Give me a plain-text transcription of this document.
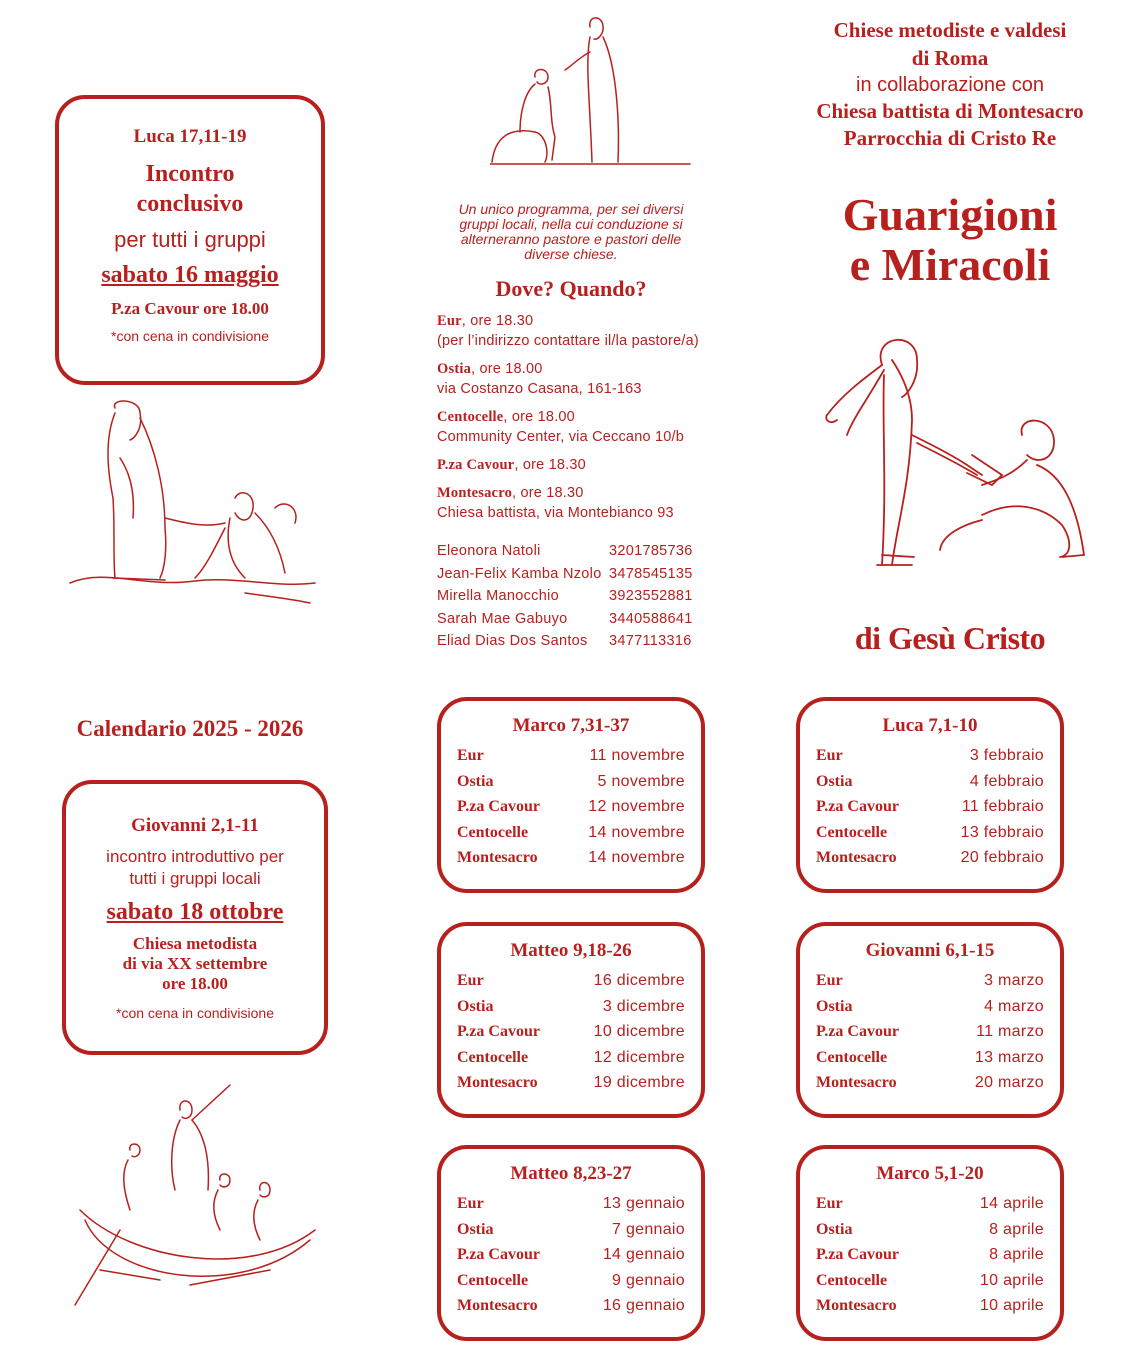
Chiese metodiste e valdesi
di Roma
in collaborazione con
Chiesa battista di Montesacro
Parrocchia di Cristo Re
Guarigioni
e Miracoli
di Gesù Cristo
Luca 17,11-19
Incontro
conclusivo
per tutti i gruppi
sabato 16 maggio
P.za Cavour ore 18.00
*con cena in condivisione
Un unico programma, per sei diversi gruppi locali, nella cui conduzione si alterneranno pastore e pastori delle diverse chiese.
Dove? Quando?
Eur, ore 18.30
(per l’indirizzo contattare il/la pastore/a)
Ostia, ore 18.00
via Costanzo Casana, 161-163
Centocelle, ore 18.00
Community Center, via Ceccano 10/b
P.za Cavour, ore 18.30
Montesacro, ore 18.30
Chiesa battista, via Montebianco 93
Eleonora Natoli	3201785736
Jean-Felix Kamba Nzolo 3478545135
Mirella Manocchio	3923552881
Sarah Mae Gabuyo	3440588641
Eliad Dias Dos Santos	3477113316
Calendario 2025 - 2026
Giovanni 2,1-11
incontro introduttivo per
tutti i gruppi locali
sabato 18 ottobre
Chiesa metodista
di via XX settembre
ore 18.00
*con cena in condivisione
Marco 7,31-37
Eur	11 novembre
Ostia	5 novembre
P.za Cavour	12 novembre
Centocelle	14 novembre
Montesacro	14 novembre
Luca 7,1-10
Eur	3 febbraio
Ostia	4 febbraio
P.za Cavour	11 febbraio
Centocelle	13 febbraio
Montesacro	20 febbraio
Matteo 9,18-26
Eur	16 dicembre
Ostia	3 dicembre
P.za Cavour	10 dicembre
Centocelle	12 dicembre
Montesacro	19 dicembre
Giovanni 6,1-15
Eur	3 marzo
Ostia	4 marzo
P.za Cavour	11 marzo
Centocelle	13 marzo
Montesacro	20 marzo
Matteo 8,23-27
Eur	13 gennaio
Ostia	7 gennaio
P.za Cavour	14 gennaio
Centocelle	9 gennaio
Montesacro	16 gennaio
Marco 5,1-20
Eur	14 aprile
Ostia	8 aprile
P.za Cavour	8 aprile
Centocelle	10 aprile
Montesacro	10 aprile
